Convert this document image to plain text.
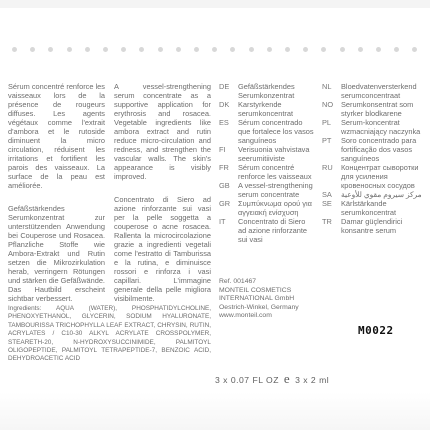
Sérum concentré renforce les vaisseaux lors de la présence de rougeurs diffuses. Les agents végétaux comme l'extrait d'ambora et le rutoside diminuent la micro circulation, réduisent les irritations et fortifient les parois des vaisseaux. La surface de la peau est améliorée.

Gefäßstärkendes Serumkonzentrat zur unterstützenden Anwendung bei Couperose und Rosacea. Pflanzliche Stoffe wie Ambora-Extrakt und Rutin setzen die Mikrozirkulation herab, verringern Rötungen und stärken die Gefäßwände. Das Hautbild erscheint sichtbar verbessert.

A vessel-strengthening serum concentrate as a supportive application for erythrosis and rosacea. Vegetable ingredients like ambora extract and rutin reduce micro-circulation and redness, and strengthen the vascular walls. The skin's appearance is visibly improved.

Concentrato di Siero ad azione rinforzante sui vasi per la pelle soggetta a couperose o acne rosacea. Rallenta la microcircolazione grazie a ingredienti vegetali come l'estratto di Tamburissa e la rutina, e diminuisce rossori e rinforza i vasi capillari. L'immagine generale della pelle migliora visibilmente.

DE	Gefäßstärkendes Serumkonzentrat
DK	Karstyrkende serumkoncentrat
ES	Sérum concentrado que fortalece los vasos sanguíneos
FI	Verisuonia vahvistava seerumitiiviste
FR	Sérum concentré renforce les vaisseaux
GB	A vessel-strengthening serum concentrate
GR	Συμπύκνωμα ορού για αγγειακή ενίσχυση
IT	Concentrato di Siero ad azione rinforzante sui vasi
NL	Bloedvatenversterkend serumconcentraat
NO	Serumkonsentrat som styrker blodkarene
PL	Serum-koncentrat wzmacniający naczynka
PT	Soro concentrado para fortificação dos vasos sanguíneos
RU	Концентрат сыворотки для усиления кровеносных сосудов
SA	مركز سيروم مقوي للأوعية
SE	Kärlstärkande serumkoncentrat
TR	Damar güçlendirici konsantre serum
Ref. 001467
MONTEIL COSMETICS INTERNATIONAL GmbH
Oestrich-Winkel, Germany
www.monteil.com
Ingredients: AQUA (WATER), PHOSPHATIDYLCHOLINE, PHENOXYETHANOL, GLYCERIN, SODIUM HYALURONATE, TAMBOURISSA TRICHOPHYLLA LEAF EXTRACT, CHRYSIN, RUTIN, ACRYLATES / C10-30 ALKYL ACRYLATE CROSSPOLYMER, STEARETH-20, N-HYDROXYSUCCINIMIDE, PALMITOYL OLIGOPEPTIDE, PALMITOYL TETRAPEPTIDE-7, BENZOIC ACID, DEHYDROACETIC ACID
M0022
3 x 0.07 FL OZ e 3 x 2 ml
